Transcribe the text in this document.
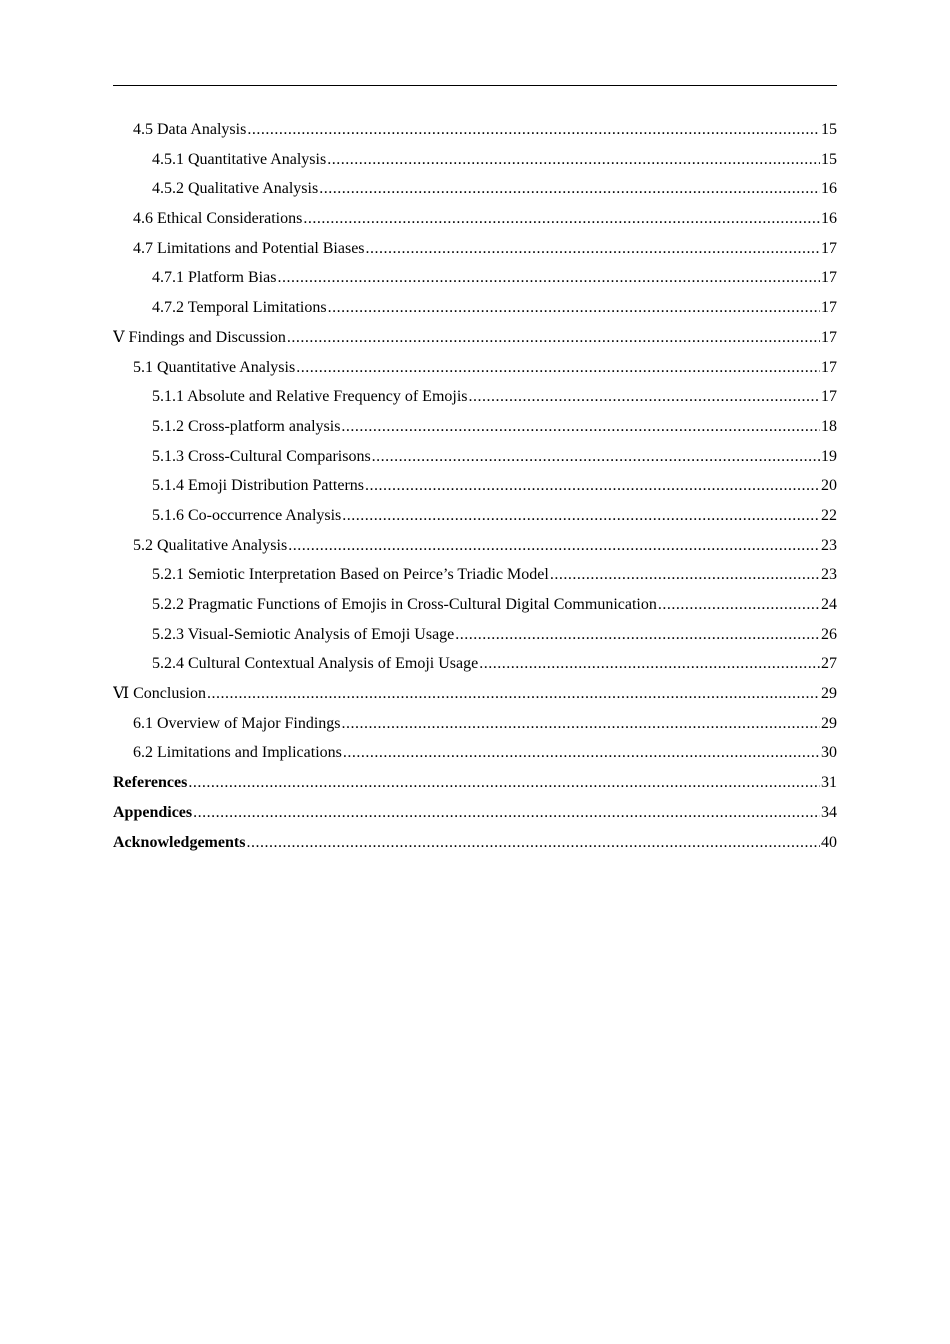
4.5 Data Analysis .....	15
4.5.1 Quantitative Analysis .....	15
4.5.2 Qualitative Analysis .....	16
4.6 Ethical Considerations .....	16
4.7 Limitations and Potential Biases .....	17
4.7.1 Platform Bias .....	17
4.7.2 Temporal Limitations .....	17
Ⅴ Findings and Discussion .....	17
5.1 Quantitative Analysis .....	17
5.1.1 Absolute and Relative Frequency of Emojis .....	17
5.1.2 Cross-platform analysis .....	18
5.1.3 Cross-Cultural Comparisons .....	19
5.1.4 Emoji Distribution Patterns .....	20
5.1.6 Co-occurrence Analysis .....	22
5.2 Qualitative Analysis .....	23
5.2.1 Semiotic Interpretation Based on Peirce’s Triadic Model .....	23
5.2.2 Pragmatic Functions of Emojis in Cross-Cultural Digital Communication .....	24
5.2.3 Visual-Semiotic Analysis of Emoji Usage .....	26
5.2.4 Cultural Contextual Analysis of Emoji Usage .....	27
Ⅵ Conclusion .....	29
6.1 Overview of Major Findings .....	29
6.2 Limitations and Implications .....	30
References .....	31
Appendices .....	34
Acknowledgements .....	40
